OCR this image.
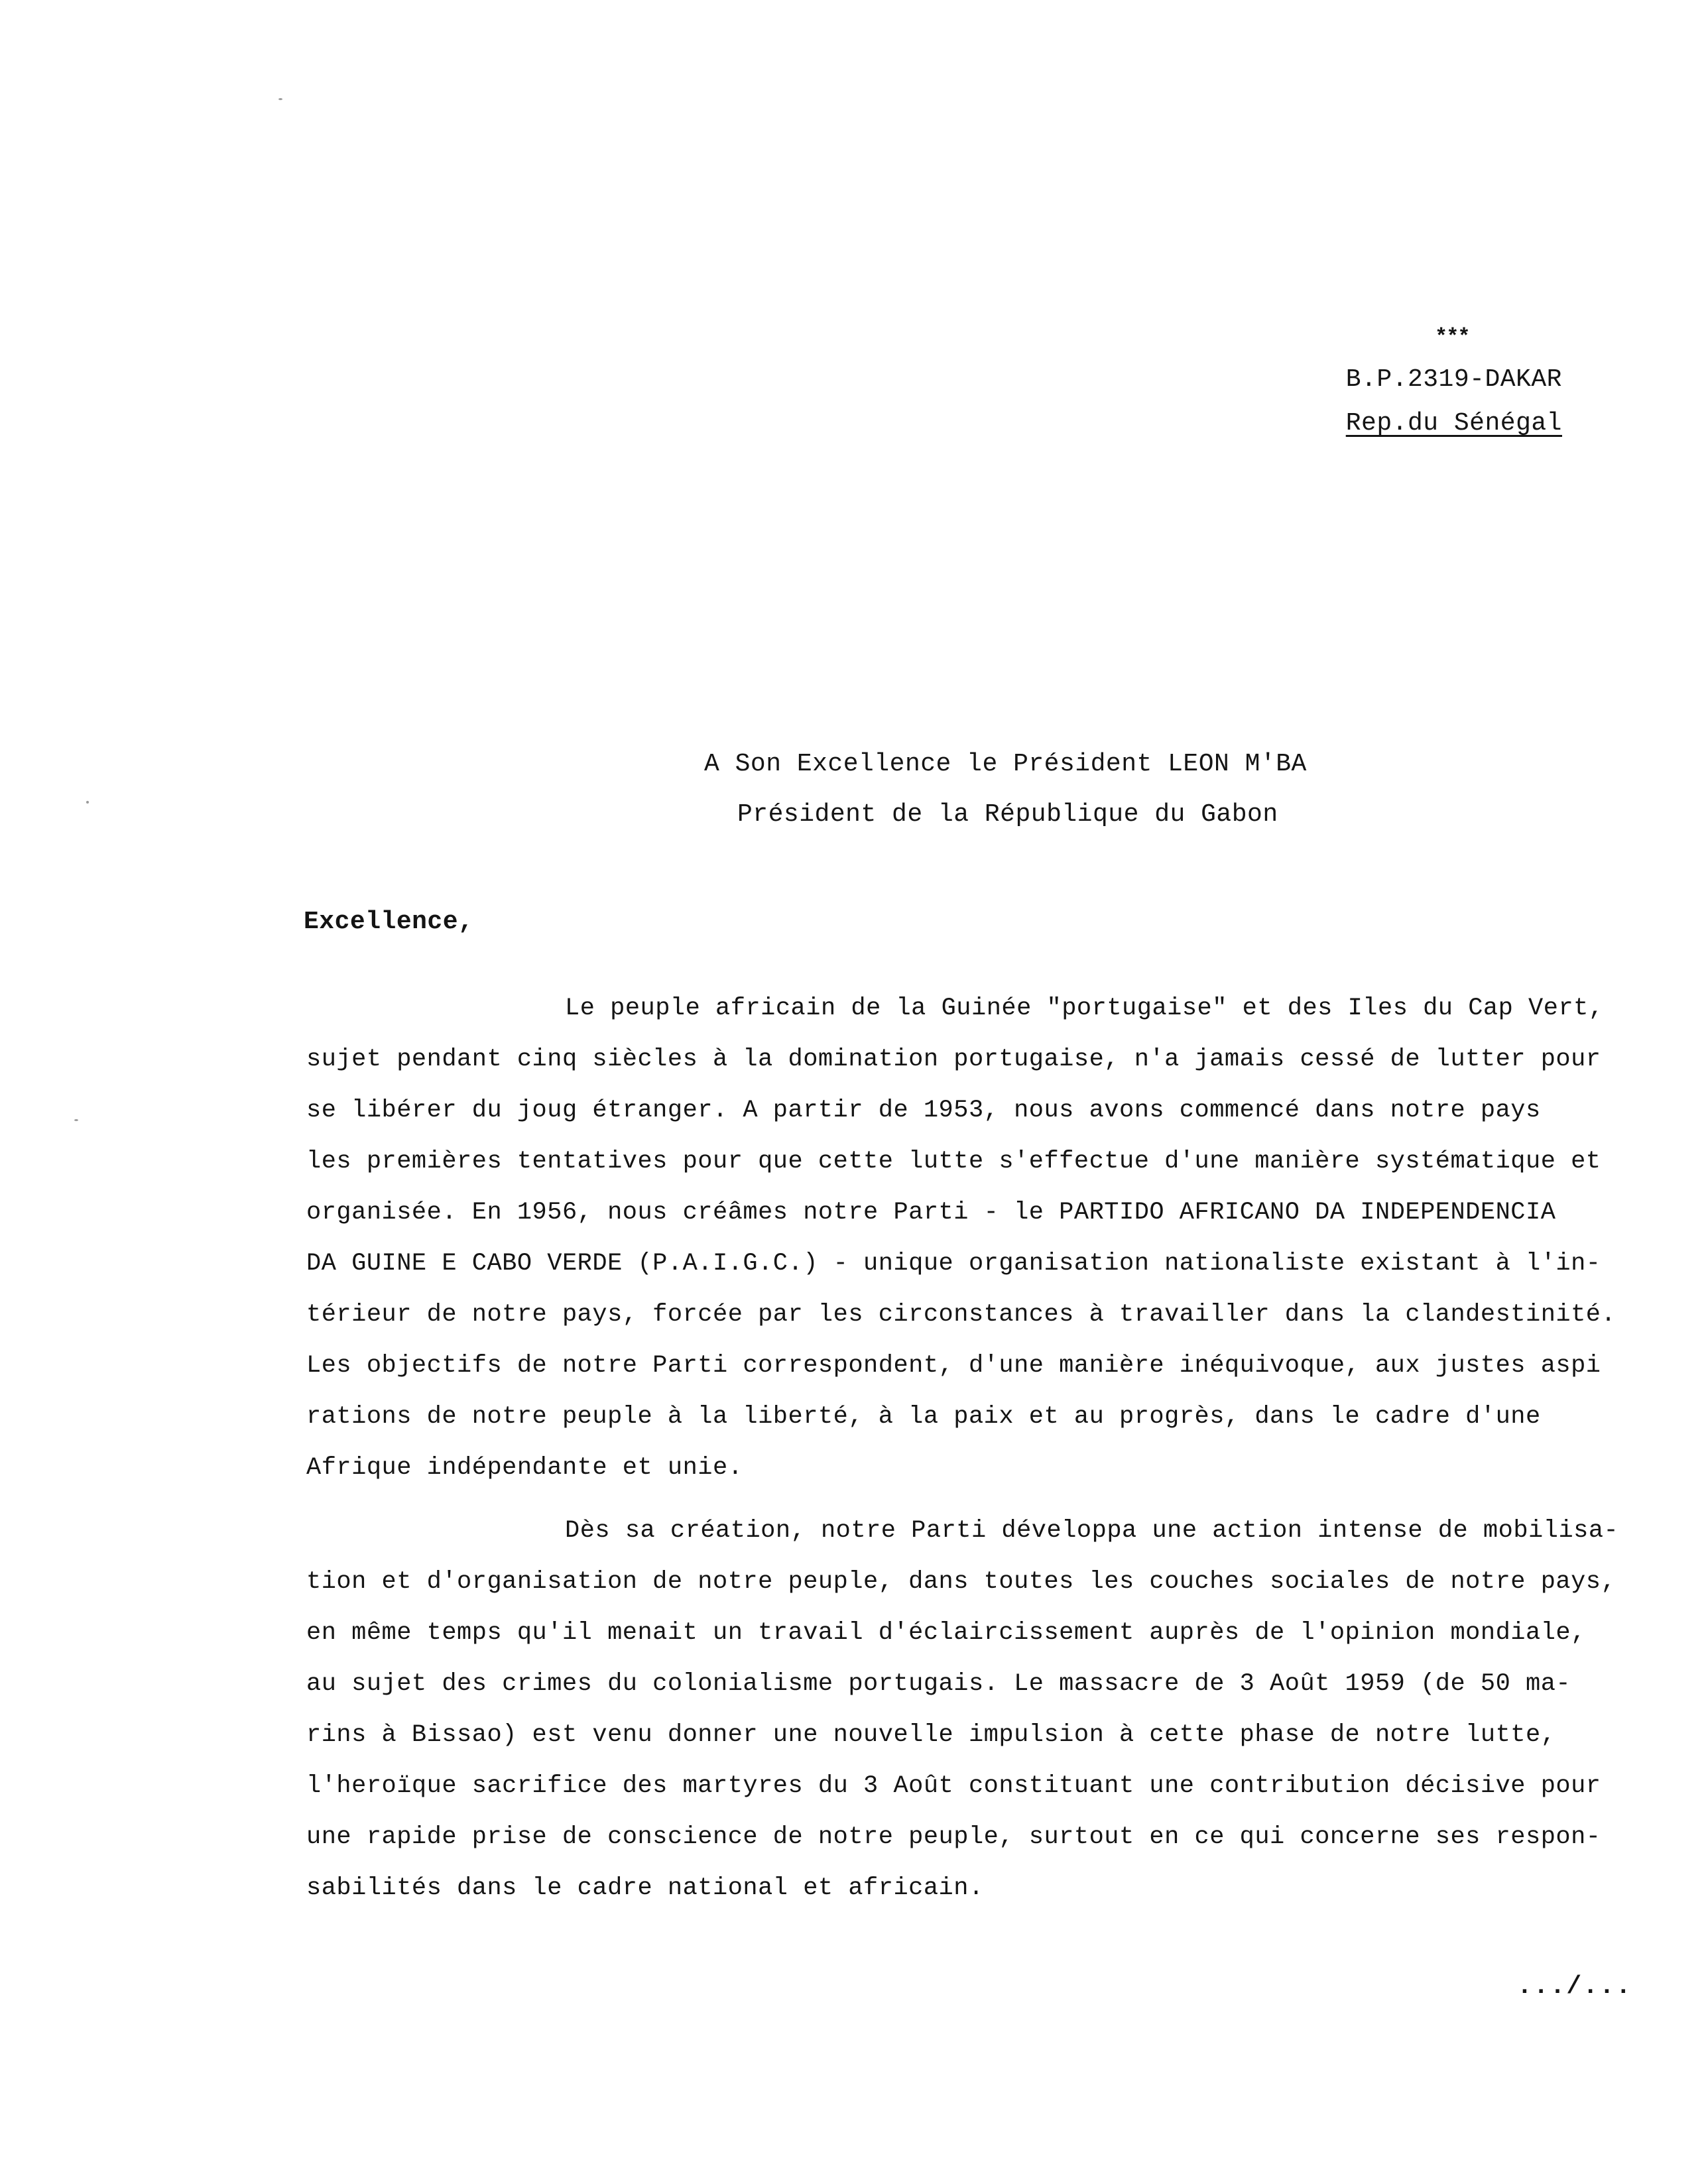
***
B.P.2319-DAKAR
Rep.du Sénégal
A Son Excellence le Président LEON M'BA
Président de la République du Gabon
Excellence,
Le peuple africain de la Guinée "portugaise" et des Iles du Cap Vert,
sujet pendant cinq siècles à la domination portugaise, n'a jamais cessé de lutter pour
se libérer du joug étranger. A partir de 1953, nous avons commencé dans notre pays
les premières tentatives pour que cette lutte s'effectue d'une manière systématique et
organisée. En 1956, nous créâmes notre Parti - le PARTIDO AFRICANO DA INDEPENDENCIA
DA GUINE E CABO VERDE (P.A.I.G.C.) - unique organisation nationaliste existant à l'in-
térieur de notre pays, forcée par les circonstances à travailler dans la clandestinité.
Les objectifs de notre Parti correspondent, d'une manière inéquivoque, aux justes aspi
rations de notre peuple à la liberté, à la paix et au progrès, dans le cadre d'une
Afrique indépendante et unie.
Dès sa création, notre Parti développa une action intense de mobilisa-
tion et d'organisation de notre peuple, dans toutes les couches sociales de notre pays,
en même temps qu'il menait un travail d'éclaircissement auprès de l'opinion mondiale,
au sujet des crimes du colonialisme portugais. Le massacre de 3 Août 1959 (de 50 ma-
rins à Bissao) est venu donner une nouvelle impulsion à cette phase de notre lutte,
l'heroïque sacrifice des martyres du 3 Août constituant une contribution décisive pour
une rapide prise de conscience de notre peuple, surtout en ce qui concerne ses respon-
sabilités dans le cadre national et africain.
.../...
